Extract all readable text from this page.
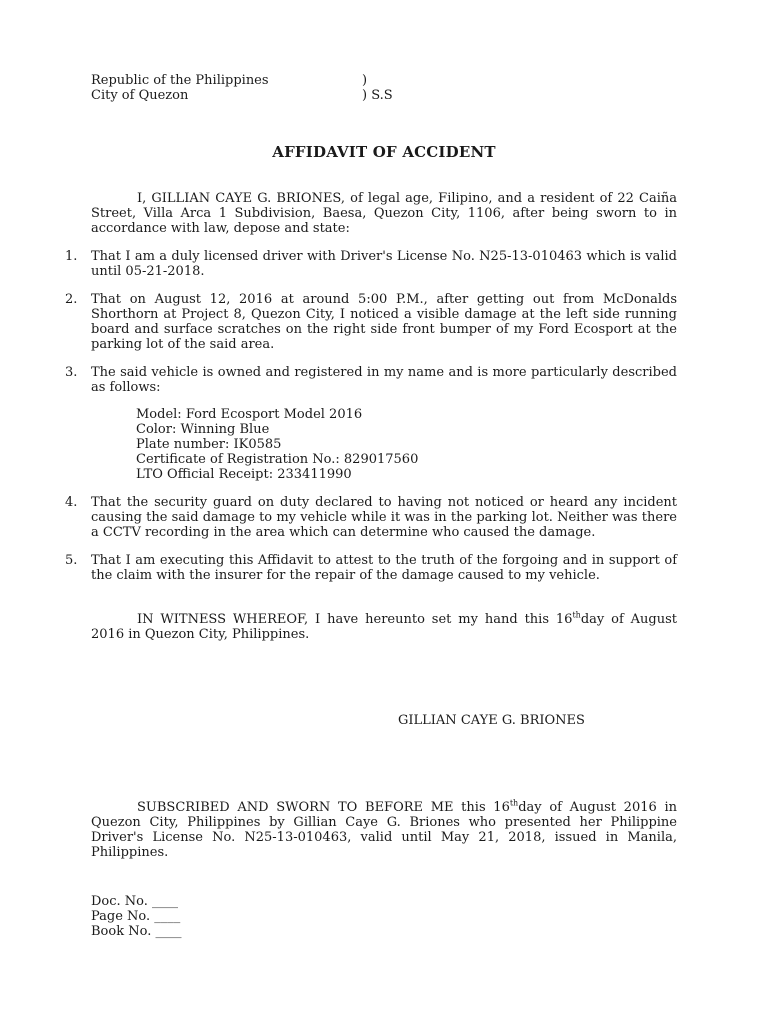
Republic of the Philippines	)
City of Quezon	) S.S
AFFIDAVIT OF ACCIDENT
I, GILLIAN CAYE G. BRIONES, of legal age, Filipino, and a resident of 22 Caiña Street, Villa Arca 1 Subdivision, Baesa, Quezon City, 1106, after being sworn to in accordance with law, depose and state:
1. That I am a duly licensed driver with Driver's License No. N25-13-010463 which is valid until 05-21-2018.
2. That on August 12, 2016 at around 5:00 P.M., after getting out from McDonalds Shorthorn at Project 8, Quezon City, I noticed a visible damage at the left side running board and surface scratches on the right side front bumper of my Ford Ecosport at the parking lot of the said area.
3. The said vehicle is owned and registered in my name and is more particularly described as follows:
Model: Ford Ecosport Model 2016
Color: Winning Blue
Plate number: IK0585
Certificate of Registration No.: 829017560
LTO Official Receipt: 233411990
4. That the security guard on duty declared to having not noticed or heard any incident causing the said damage to my vehicle while it was in the parking lot. Neither was there a CCTV recording in the area which can determine who caused the damage.
5. That I am executing this Affidavit to attest to the truth of the forgoing and in support of the claim with the insurer for the repair of the damage caused to my vehicle.
IN WITNESS WHEREOF, I have hereunto set my hand this 16thday of August 2016 in Quezon City, Philippines.
GILLIAN CAYE G. BRIONES
SUBSCRIBED AND SWORN TO BEFORE ME this 16thday of August 2016 in Quezon City, Philippines by Gillian Caye G. Briones who presented her Philippine Driver's License No. N25-13-010463, valid until May 21, 2018, issued in Manila, Philippines.
Doc. No. ____
Page No. ____
Book No. ____
